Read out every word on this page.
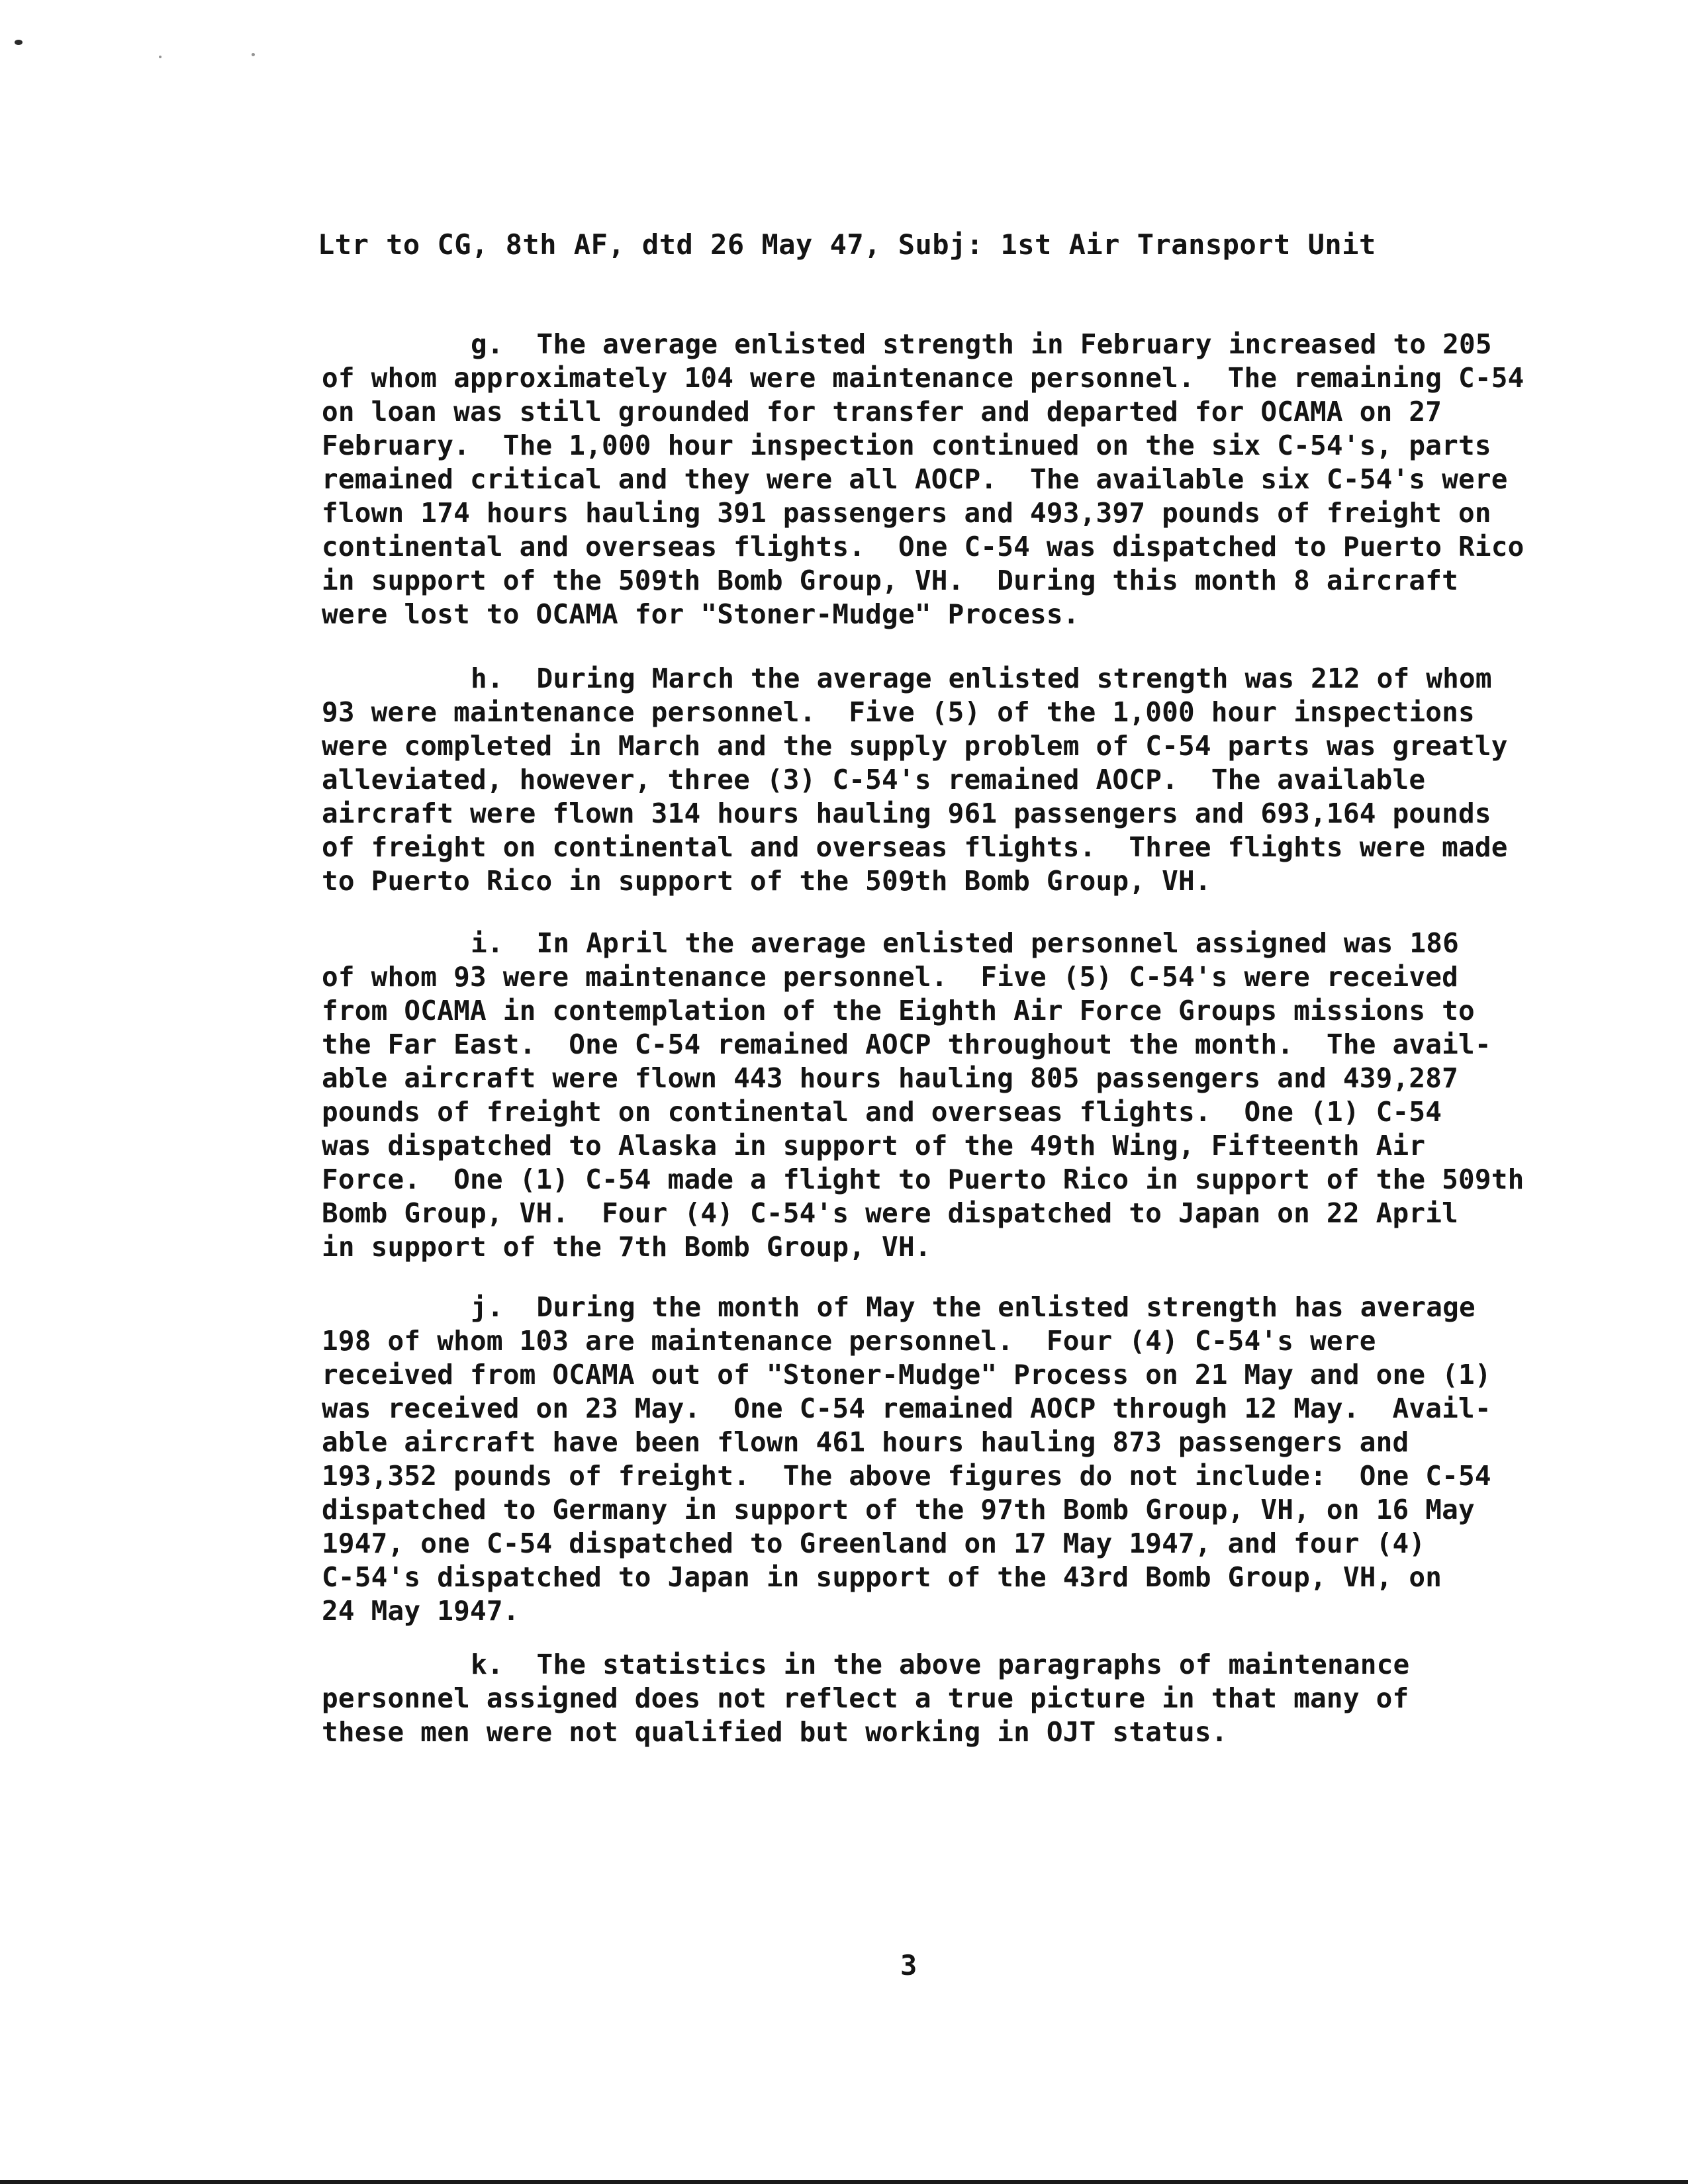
Ltr to CG, 8th AF, dtd 26 May 47, Subj: 1st Air Transport Unit
g.  The average enlisted strength in February increased to 205
of whom approximately 104 were maintenance personnel.  The remaining C-54
on loan was still grounded for transfer and departed for OCAMA on 27
February.  The 1,000 hour inspection continued on the six C-54's, parts
remained critical and they were all AOCP.  The available six C-54's were
flown 174 hours hauling 391 passengers and 493,397 pounds of freight on
continental and overseas flights.  One C-54 was dispatched to Puerto Rico
in support of the 509th Bomb Group, VH.  During this month 8 aircraft
were lost to OCAMA for "Stoner-Mudge" Process.
h.  During March the average enlisted strength was 212 of whom
93 were maintenance personnel.  Five (5) of the 1,000 hour inspections
were completed in March and the supply problem of C-54 parts was greatly
alleviated, however, three (3) C-54's remained AOCP.  The available
aircraft were flown 314 hours hauling 961 passengers and 693,164 pounds
of freight on continental and overseas flights.  Three flights were made
to Puerto Rico in support of the 509th Bomb Group, VH.
i.  In April the average enlisted personnel assigned was 186
of whom 93 were maintenance personnel.  Five (5) C-54's were received
from OCAMA in contemplation of the Eighth Air Force Groups missions to
the Far East.  One C-54 remained AOCP throughout the month.  The avail-
able aircraft were flown 443 hours hauling 805 passengers and 439,287
pounds of freight on continental and overseas flights.  One (1) C-54
was dispatched to Alaska in support of the 49th Wing, Fifteenth Air
Force.  One (1) C-54 made a flight to Puerto Rico in support of the 509th
Bomb Group, VH.  Four (4) C-54's were dispatched to Japan on 22 April
in support of the 7th Bomb Group, VH.
j.  During the month of May the enlisted strength has average
198 of whom 103 are maintenance personnel.  Four (4) C-54's were
received from OCAMA out of "Stoner-Mudge" Process on 21 May and one (1)
was received on 23 May.  One C-54 remained AOCP through 12 May.  Avail-
able aircraft have been flown 461 hours hauling 873 passengers and
193,352 pounds of freight.  The above figures do not include:  One C-54
dispatched to Germany in support of the 97th Bomb Group, VH, on 16 May
1947, one C-54 dispatched to Greenland on 17 May 1947, and four (4)
C-54's dispatched to Japan in support of the 43rd Bomb Group, VH, on
24 May 1947.
k.  The statistics in the above paragraphs of maintenance
personnel assigned does not reflect a true picture in that many of
these men were not qualified but working in OJT status.
3
